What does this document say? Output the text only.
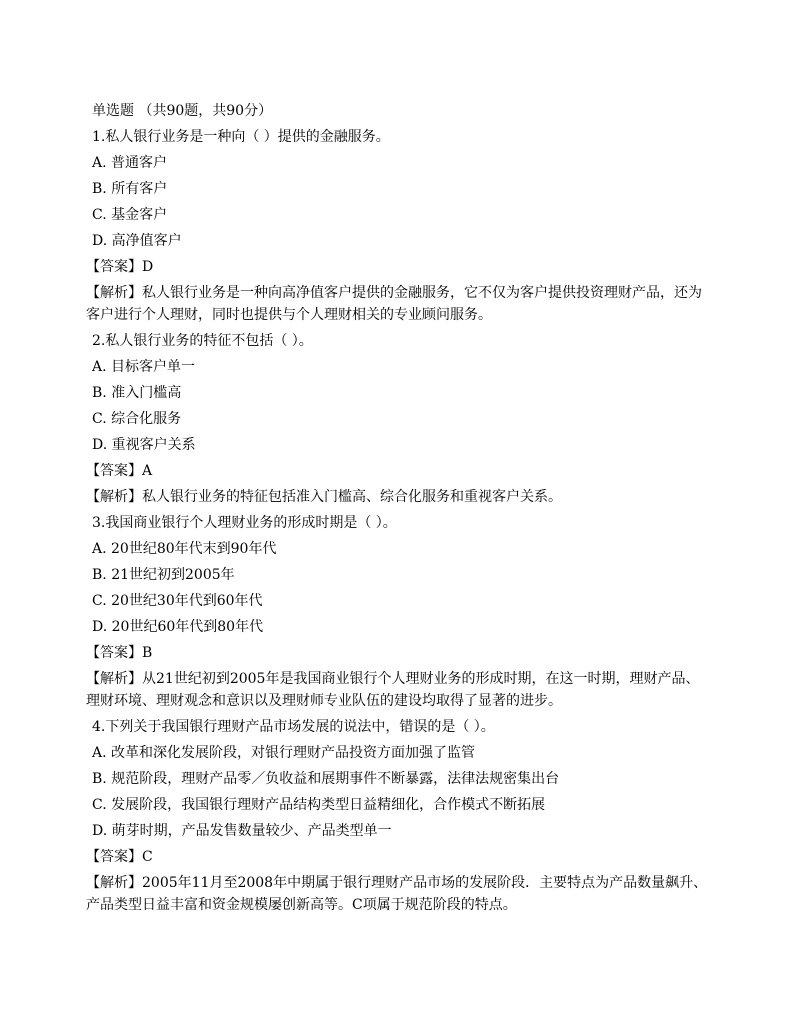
单选题 （共90题，共90分）
1.私人银行业务是一种向（ ）提供的金融服务。
A. 普通客户
B. 所有客户
C. 基金客户
D. 高净值客户
【答案】D
【解析】私人银行业务是一种向高净值客户提供的金融服务，它不仅为客户提供投资理财产品，还为客户进行个人理财，同时也提供与个人理财相关的专业顾问服务。
2.私人银行业务的特征不包括（ ）。
A. 目标客户单一
B. 准入门槛高
C. 综合化服务
D. 重视客户关系
【答案】A
【解析】私人银行业务的特征包括准入门槛高、综合化服务和重视客户关系。
3.我国商业银行个人理财业务的形成时期是（ ）。
A. 20世纪80年代末到90年代
B. 21世纪初到2005年
C. 20世纪30年代到60年代
D. 20世纪60年代到80年代
【答案】B
【解析】从21世纪初到2005年是我国商业银行个人理财业务的形成时期，在这一时期，理财产品、理财环境、理财观念和意识以及理财师专业队伍的建设均取得了显著的进步。
4.下列关于我国银行理财产品市场发展的说法中，错误的是（ ）。
A. 改革和深化发展阶段，对银行理财产品投资方面加强了监管
B. 规范阶段，理财产品零／负收益和展期事件不断暴露，法律法规密集出台
C. 发展阶段，我国银行理财产品结构类型日益精细化，合作模式不断拓展
D. 萌芽时期，产品发售数量较少、产品类型单一
【答案】C
【解析】2005年11月至2008年中期属于银行理财产品市场的发展阶段．主要特点为产品数量飙升、产品类型日益丰富和资金规模屡创新高等。C项属于规范阶段的特点。
